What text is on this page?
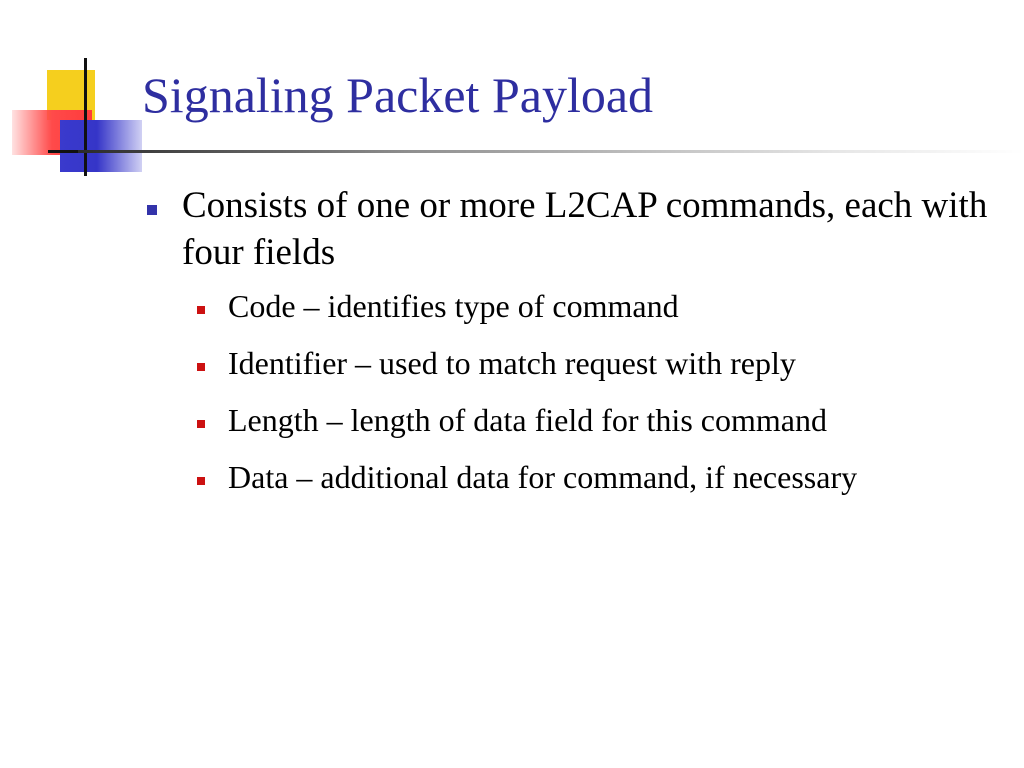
Signaling Packet Payload
Consists of one or more L2CAP commands, each with four fields
Code – identifies type of command
Identifier – used to match request with reply
Length – length of data field for this command
Data – additional data for command, if necessary
